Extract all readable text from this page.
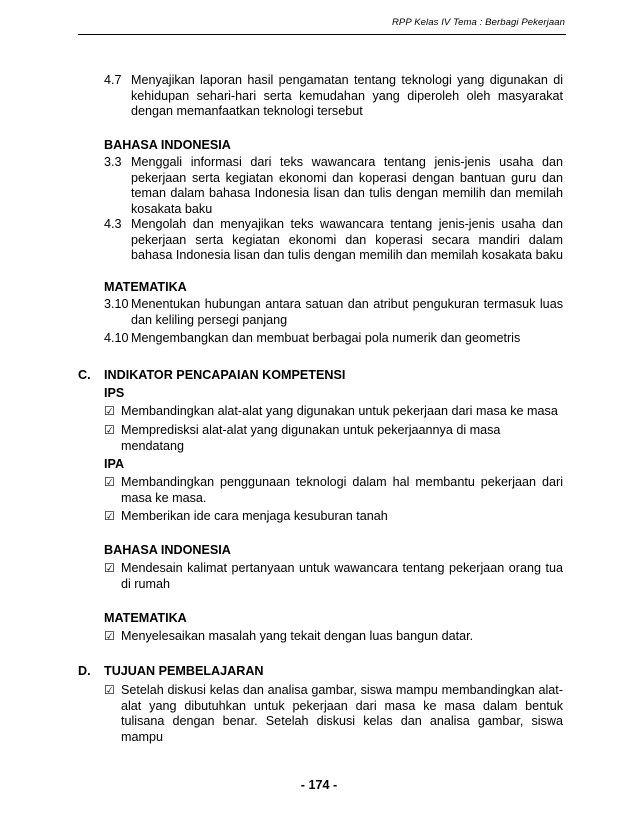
RPP Kelas IV Tema : Berbagi Pekerjaan
4.7 Menyajikan laporan hasil pengamatan tentang teknologi yang digunakan di kehidupan sehari-hari serta kemudahan yang diperoleh oleh masyarakat dengan memanfaatkan teknologi tersebut

BAHASA INDONESIA
3.3 Menggali informasi dari teks wawancara tentang jenis-jenis usaha dan pekerjaan serta kegiatan ekonomi dan koperasi dengan bantuan guru dan teman dalam bahasa Indonesia lisan dan tulis dengan memilih dan memilah kosakata baku

4.3 Mengolah dan menyajikan teks wawancara tentang jenis-jenis usaha dan pekerjaan serta kegiatan ekonomi dan koperasi secara mandiri dalam bahasa Indonesia lisan dan tulis dengan memilih dan memilah kosakata baku

MATEMATIKA
3.10 Menentukan hubungan antara satuan dan atribut pengukuran termasuk luas dan keliling persegi panjang

4.10 Mengembangkan dan membuat berbagai pola numerik dan geometris

C. INDIKATOR PENCAPAIAN KOMPETENSI
IPS
☑ Membandingkan alat-alat yang digunakan untuk pekerjaan dari masa ke masa

☑ Mempredisksi alat-alat yang digunakan untuk pekerjaannya di masa mendatang

IPA
☑ Membandingkan penggunaan teknologi dalam hal membantu pekerjaan dari masa ke masa.

☑ Memberikan ide cara menjaga kesuburan tanah

BAHASA INDONESIA
☑ Mendesain kalimat pertanyaan untuk wawancara tentang pekerjaan orang tua di rumah

MATEMATIKA
☑ Menyelesaikan masalah yang tekait dengan luas bangun datar.

D. TUJUAN PEMBELAJARAN
☑ Setelah diskusi kelas dan analisa gambar, siswa mampu membandingkan alat-alat yang dibutuhkan untuk pekerjaan dari masa ke masa dalam bentuk tulisana dengan benar. Setelah diskusi kelas dan analisa gambar, siswa mampu

- 174 -
